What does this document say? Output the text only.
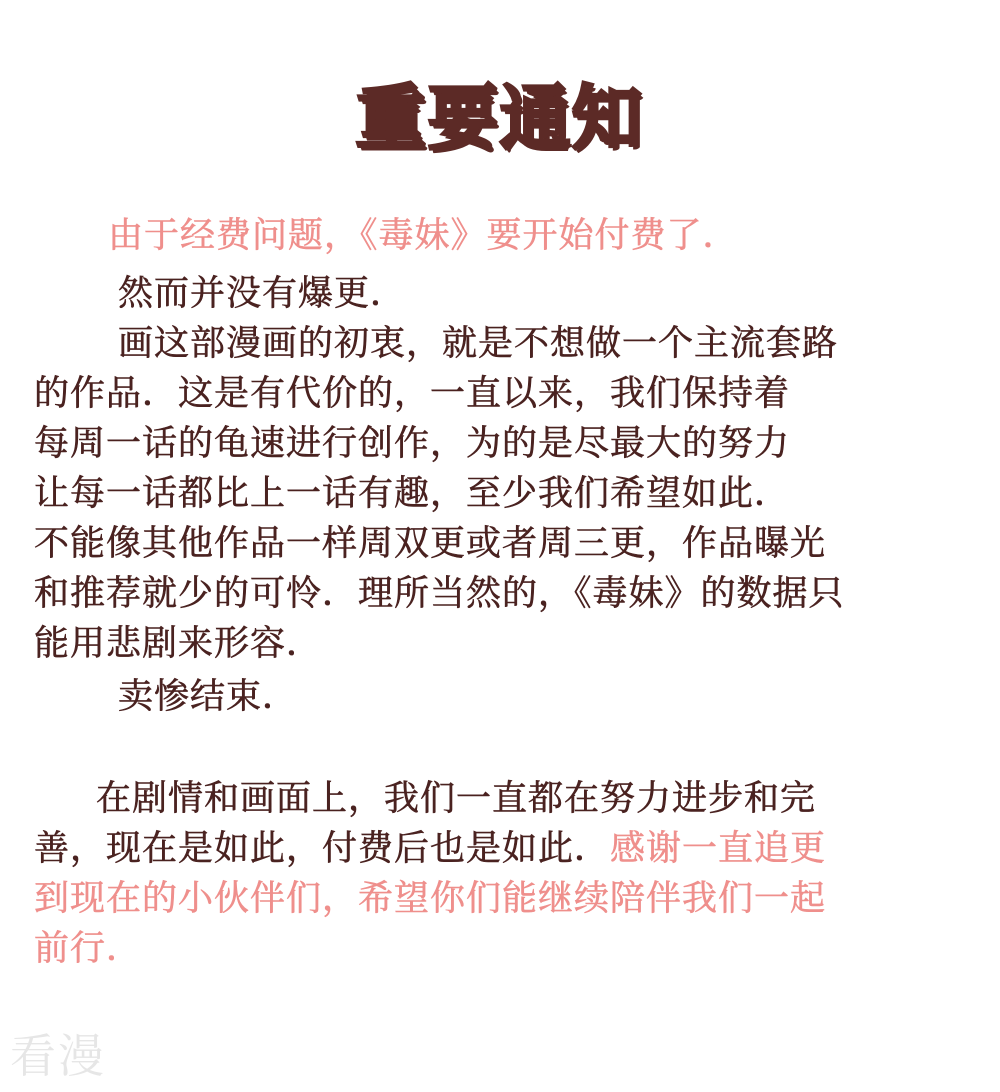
重要通知
由于经费问题，《毒妹》要开始付费了．
然而并没有爆更．
画这部漫画的初衷，就是不想做一个主流套路
的作品．这是有代价的，一直以来，我们保持着
每周一话的龟速进行创作，为的是尽最大的努力
让每一话都比上一话有趣，至少我们希望如此．
不能像其他作品一样周双更或者周三更，作品曝光
和推荐就少的可怜．理所当然的，《毒妹》的数据只
能用悲剧来形容．
卖惨结束．
在剧情和画面上，我们一直都在努力进步和完
善，现在是如此，付费后也是如此．感谢一直追更
到现在的小伙伴们，希望你们能继续陪伴我们一起
前行．
看漫
